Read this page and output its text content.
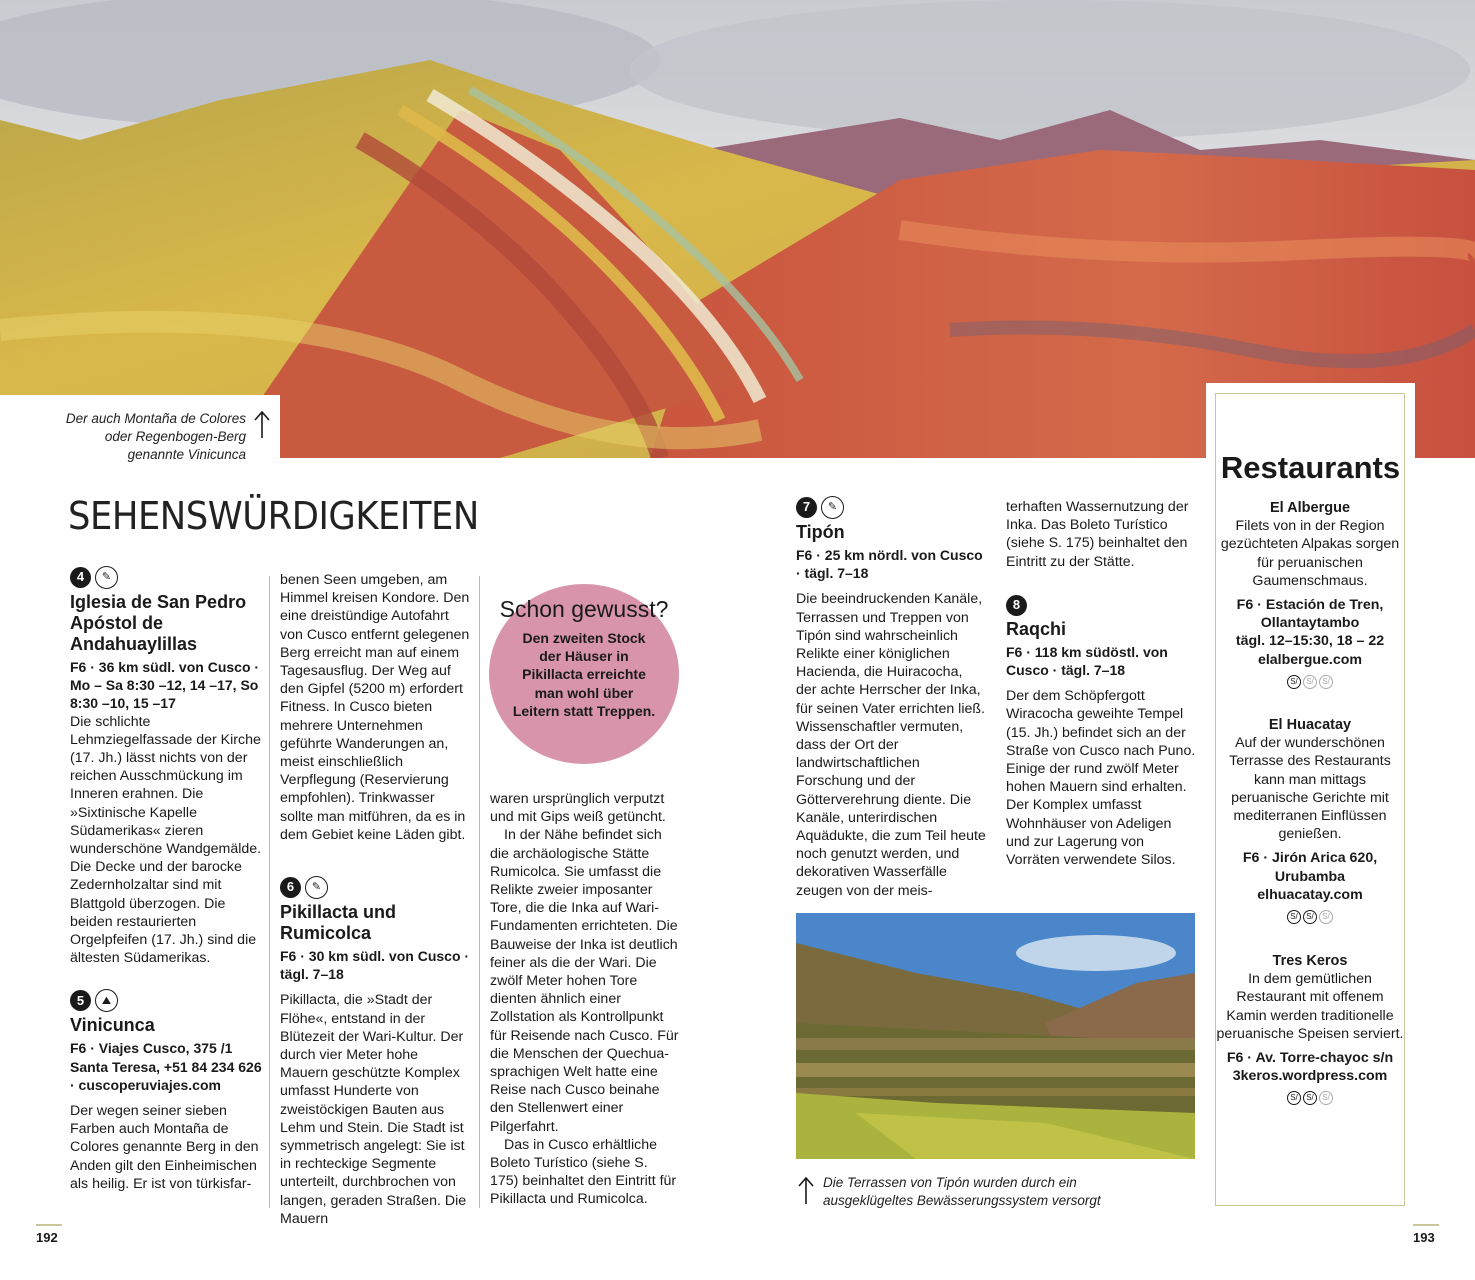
Der auch Montaña de Colores oder Regenbogen-Berg genannte Vinicunca

SEHENSWÜRDIGKEITEN
4	✎
Iglesia de San Pedro Apóstol de Andahuaylillas

F6 · 36 km südl. von Cusco · Mo – Sa 8:30 –12, 14 –17, So 8:30 –10, 15 –17

Die schlichte Lehmziegelfassade der Kirche (17. Jh.) lässt nichts von der reichen Ausschmückung im Inneren erahnen. Die »Sixtinische Kapelle Südamerikas« zieren wunderschöne Wandgemälde. Die Decke und der barocke Zedernholzaltar sind mit Blattgold überzogen. Die beiden restaurierten Orgelpfeifen (17. Jh.) sind die ältesten Südamerikas.

5	⛰
Vinicunca

F6 · Viajes Cusco, 375 /1 Santa Teresa, +51 84 234 626 · cuscoperuviajes.com

Der wegen seiner sieben Farben auch Montaña de Colores genannte Berg in den Anden gilt den Einheimischen als heilig. Er ist von türkisfar-

benen Seen umgeben, am Himmel kreisen Kondore. Den eine dreistündige Autofahrt von Cusco entfernt gelegenen Berg erreicht man auf einem Tagesausflug. Der Weg auf den Gipfel (5200 m) erfordert Fitness. In Cusco bieten mehrere Unternehmen geführte Wanderungen an, meist einschließlich Verpflegung (Reservierung empfohlen). Trinkwasser sollte man mitführen, da es in dem Gebiet keine Läden gibt.

6	✎
Pikillacta und Rumicolca

F6 · 30 km südl. von Cusco · tägl. 7–18

Pikillacta, die »Stadt der Flöhe«, entstand in der Blütezeit der Wari-Kultur. Der durch vier Meter hohe Mauern geschützte Komplex umfasst Hunderte von zweistöckigen Bauten aus Lehm und Stein. Die Stadt ist symmetrisch angelegt: Sie ist in rechteckige Segmente unterteilt, durchbrochen von langen, geraden Straßen. Die Mauern

Schon gewusst?
Den zweiten Stock der Häuser in Pikillacta erreichte man wohl über Leitern statt Treppen.

waren ursprünglich verputzt und mit Gips weiß getüncht.

In der Nähe befindet sich die archäologische Stätte Rumicolca. Sie umfasst die Relikte zweier imposanter Tore, die die Inka auf Wari-Fundamenten errichteten. Die Bauweise der Inka ist deutlich feiner als die der Wari. Die zwölf Meter hohen Tore dienten ähnlich einer Zollstation als Kontrollpunkt für Reisende nach Cusco. Für die Menschen der Quechua-sprachigen Welt hatte eine Reise nach Cusco beinahe den Stellenwert einer Pilgerfahrt.

Das in Cusco erhältliche Boleto Turístico (siehe S. 175) beinhaltet den Eintritt für Pikillacta und Rumicolca.

7	✎
Tipón

F6 · 25 km nördl. von Cusco · tägl. 7–18

Die beeindruckenden Kanäle, Terrassen und Treppen von Tipón sind wahrscheinlich Relikte einer königlichen Hacienda, die Huiracocha, der achte Herrscher der Inka, für seinen Vater errichten ließ. Wissenschaftler vermuten, dass der Ort der landwirtschaftlichen Forschung und der Götterverehrung diente. Die Kanäle, unterirdischen Aquädukte, die zum Teil heute noch genutzt werden, und dekorativen Wasserfälle zeugen von der meis-

terhaften Wassernutzung der Inka. Das Boleto Turístico (siehe S. 175) beinhaltet den Eintritt zu der Stätte.

8
Raqchi

F6 · 118 km südöstl. von Cusco · tägl. 7–18

Der dem Schöpfergott Wiracocha geweihte Tempel (15. Jh.) befindet sich an der Straße von Cusco nach Puno. Einige der rund zwölf Meter hohen Mauern sind erhalten. Der Komplex umfasst Wohnhäuser von Adeligen und zur Lagerung von Vorräten verwendete Silos.

Die Terrassen von Tipón wurden durch ein ausgeklügeltes Bewässerungssystem versorgt

Restaurants
El Albergue
Filets von in der Region gezüchteten Alpakas sorgen für peruanischen Gaumenschmaus.
F6 · Estación de Tren, Ollantaytambo
tägl. 12–15:30, 18 – 22
elalbergue.com
S/	S/	S/
El Huacatay
Auf der wunderschönen Terrasse des Restaurants kann man mittags peruanische Gerichte mit mediterranen Einflüssen genießen.
F6 · Jirón Arica 620, Urubamba
elhuacatay.com
S/	S/	S/
Tres Keros
In dem gemütlichen Restaurant mit offenem Kamin werden traditionelle peruanische Speisen serviert.
F6 · Av. Torre-chayoc s/n
3keros.wordpress.com
S/	S/	S/
192	193
